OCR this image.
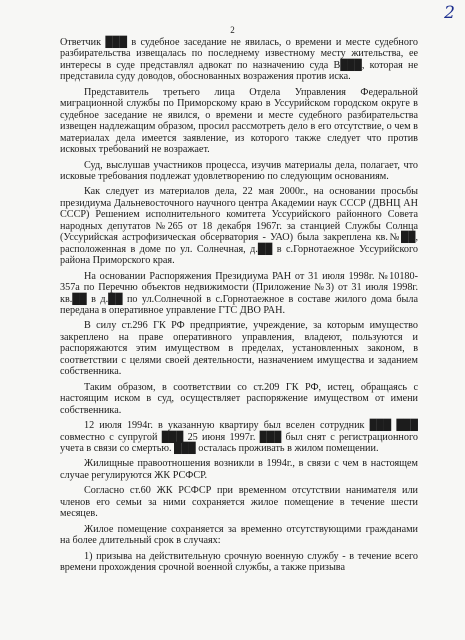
2
2

Ответчик ███ в судебное заседание не явилась, о времени и месте судебного разбирательства извещалась по последнему известному месту жительства, ее интересы в суде представлял адвокат по назначению суда В███, которая не представила суду доводов, обоснованных возражения против иска.

Представитель третьего лица Отдела Управления Федеральной миграционной службы по Приморскому краю в Уссурийском городском округе в судебное заседание не явился, о времени и месте судебного разбирательства извещен надлежащим образом, просил рассмотреть дело в его отсутствие, о чем в материалах дела имеется заявление, из которого также следует что против исковых требований не возражает.

Суд, выслушав участников процесса, изучив материалы дела, полагает, что исковые требования подлежат удовлетворению по следующим основаниям.

Как следует из материалов дела, 22 мая 2000г., на основании просьбы президиума Дальневосточного научного центра Академии наук СССР (ДВНЦ АН СССР) Решением исполнительного комитета Уссурийского районного Совета народных депутатов №265 от 18 декабря 1967г. за станцией Службы Солнца (Уссурийская астрофизическая обсерватория - УАО) была закреплена кв.№██, расположенная в доме по ул. Солнечная, д.██ в с.Горнотаежное Уссурийского района Приморского края.

На основании Распоряжения Президиума РАН от 31 июля 1998г. №10180-357а по Перечню объектов недвижимости (Приложение №3) от 31 июля 1998г. кв.██ в д.██ по ул.Солнечной в с.Горнотаежное в составе жилого дома была передана в оперативное управление ГТС ДВО РАН.

В силу ст.296 ГК РФ предприятие, учреждение, за которым имущество закреплено на праве оперативного управления, владеют, пользуются и распоряжаются этим имуществом в пределах, установленных законом, в соответствии с целями своей деятельности, назначением имущества и заданием собственника.

Таким образом, в соответствии со ст.209 ГК РФ, истец, обращаясь с настоящим иском в суд, осуществляет распоряжение имуществом от имени собственника.

12 июля 1994г. в указанную квартиру был вселен сотрудник ███ ███ совместно с супругой ███ 25 июня 1997г. ███ был снят с регистрационного учета в связи со смертью. ███ осталась проживать в жилом помещении.

Жилищные правоотношения возникли в 1994г., в связи с чем в настоящем случае регулируются ЖК РСФСР.

Согласно ст.60 ЖК РСФСР при временном отсутствии нанимателя или членов его семьи за ними сохраняется жилое помещение в течение шести месяцев.

Жилое помещение сохраняется за временно отсутствующими гражданами на более длительный срок в случаях:

1) призыва на действительную срочную военную службу - в течение всего времени прохождения срочной военной службы, а также призыва
